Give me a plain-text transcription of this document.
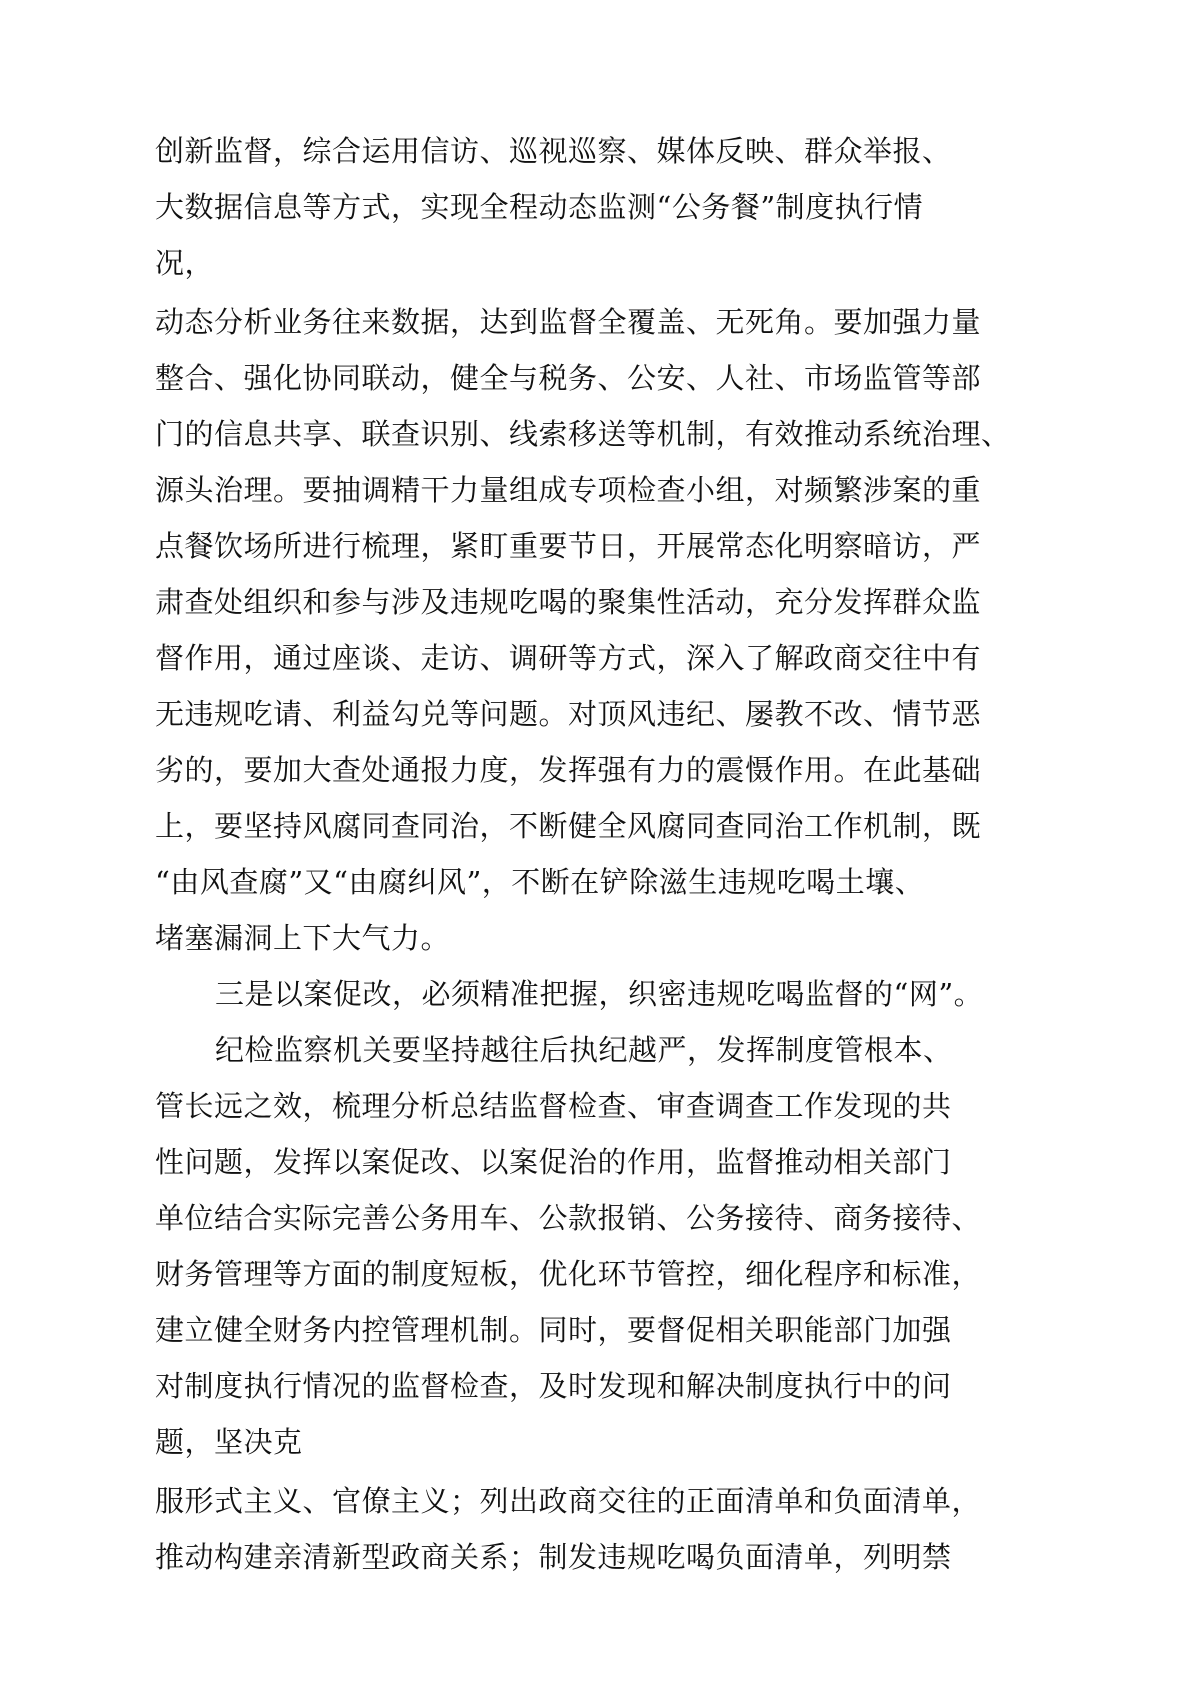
创新监督，综合运用信访、巡视巡察、媒体反映、群众举报、
大数据信息等方式，实现全程动态监测“公务餐”制度执行情
况，
动态分析业务往来数据，达到监督全覆盖、无死角。要加强力量
整合、强化协同联动，健全与税务、公安、人社、市场监管等部
门的信息共享、联查识别、线索移送等机制，有效推动系统治理、
源头治理。要抽调精干力量组成专项检查小组，对频繁涉案的重
点餐饮场所进行梳理，紧盯重要节日，开展常态化明察暗访，严
肃查处组织和参与涉及违规吃喝的聚集性活动，充分发挥群众监
督作用，通过座谈、走访、调研等方式，深入了解政商交往中有
无违规吃请、利益勾兑等问题。对顶风违纪、屡教不改、情节恶
劣的，要加大查处通报力度，发挥强有力的震慑作用。在此基础
上，要坚持风腐同查同治，不断健全风腐同查同治工作机制，既
“由风查腐”又“由腐纠风”，不断在铲除滋生违规吃喝土壤、
堵塞漏洞上下大气力。
三是以案促改，必须精准把握，织密违规吃喝监督的“网”。
纪检监察机关要坚持越往后执纪越严，发挥制度管根本、
管长远之效，梳理分析总结监督检查、审查调查工作发现的共
性问题，发挥以案促改、以案促治的作用，监督推动相关部门
单位结合实际完善公务用车、公款报销、公务接待、商务接待、
财务管理等方面的制度短板，优化环节管控，细化程序和标准，
建立健全财务内控管理机制。同时，要督促相关职能部门加强
对制度执行情况的监督检查，及时发现和解决制度执行中的问
题，坚决克
服形式主义、官僚主义；列出政商交往的正面清单和负面清单，
推动构建亲清新型政商关系；制发违规吃喝负面清单，列明禁
